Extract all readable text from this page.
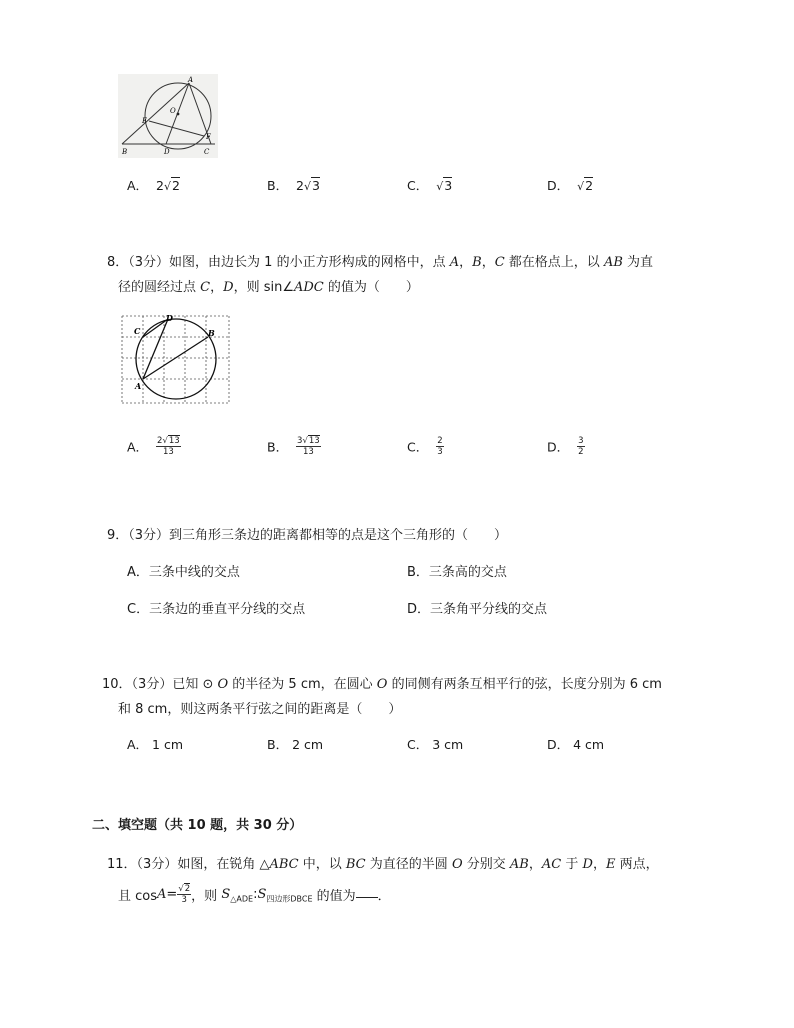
A
O
E
F
B	D	C
A． 2√2	B． 2√3	C． √3	D． √2
8．（3分）如图，由边长为 1 的小正方形构成的网格中，点 A，B，C 都在格点上，以 AB 为直
径的圆经过点 C，D，则 sin∠ADC 的值为（　　）
C
D
B
A
A． $\frac{2√13}{13}$	B． $\frac{3√13}{13}$	C． $\frac{2}{3}$	D． $\frac{3}{2}$
9．（3分）到三角形三条边的距离都相等的点是这个三角形的（　　）
A．三条中线的交点	B．三条高的交点
C．三条边的垂直平分线的交点	D．三条角平分线的交点
10．（3分）已知 ⊙ O 的半径为 5 cm，在圆心 O 的同侧有两条互相平行的弦，长度分别为 6 cm
和 8 cm，则这两条平行弦之间的距离是（　　）
A． 1 cm	B． 2 cm	C． 3 cm	D． 4 cm
二、填空题（共 10 题，共 30 分）
11．（3分）如图，在锐角 △ABC 中，以 BC 为直径的半圆 O 分别交 AB，AC 于 D，E 两点，
且 $\cos A= \frac{√2}{3}$ ，则 $S_{\triangle ADE}:S_{四边形DBCE}$ 的值为 ．
